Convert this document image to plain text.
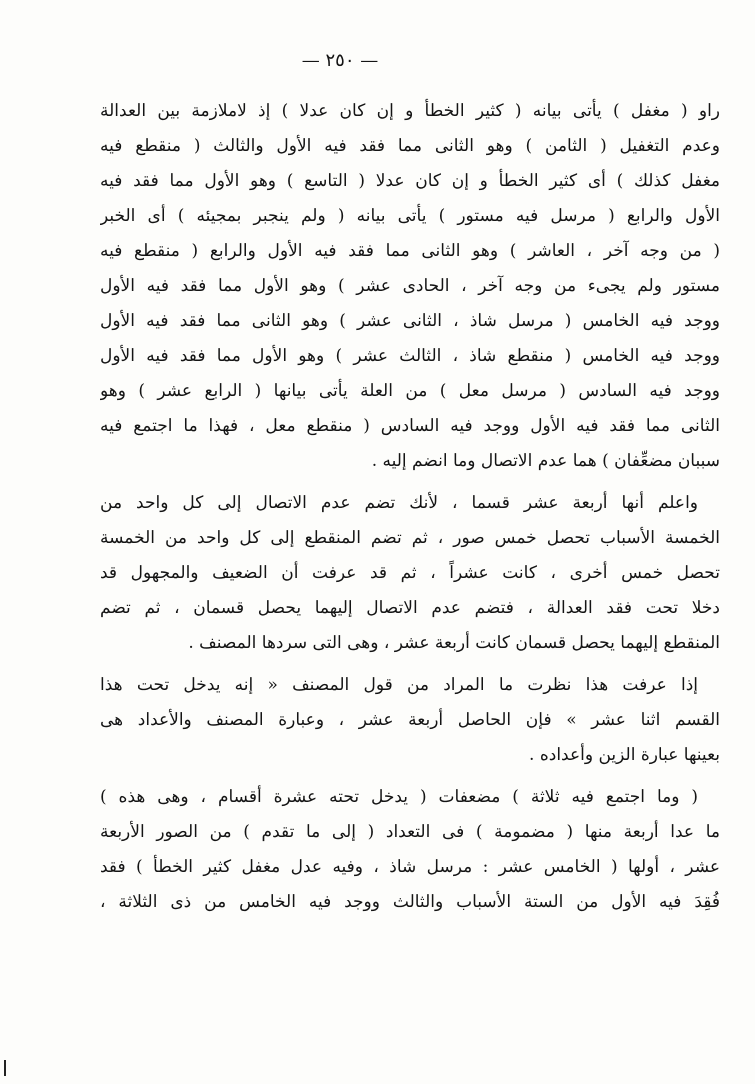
— ٢٥٠ —
راو ( مغفل ) يأتى بيانه ( كثير الخطأ و إن كان عدلا ) إذ لاملازمة بين العدالة
وعدم التغفيل ( الثامن ) وهو الثانى مما فقد فيه الأول والثالث ( منقطع فيه
مغفل كذلك ) أى كثير الخطأ و إن كان عدلا ( التاسع ) وهو الأول مما فقد فيه
الأول والرابع ( مرسل فيه مستور ) يأتى بيانه ( ولم ينجبر بمجيئه ) أى الخبر
( من وجه آخر ، العاشر ) وهو الثانى مما فقد فيه الأول والرابع ( منقطع فيه
مستور ولم يجىء من وجه آخر ، الحادى عشر ) وهو الأول مما فقد فيه الأول
ووجد فيه الخامس ( مرسل شاذ ، الثانى عشر ) وهو الثانى مما فقد فيه الأول
ووجد فيه الخامس ( منقطع شاذ ، الثالث عشر ) وهو الأول مما فقد فيه الأول
ووجد فيه السادس ( مرسل معل ) من العلة يأتى بيانها ( الرابع عشر ) وهو
الثانى مما فقد فيه الأول ووجد فيه السادس ( منقطع معل ، فهذا ما اجتمع فيه
سببان مضعِّفان ) هما عدم الاتصال وما انضم إليه .
واعلم أنها أربعة عشر قسما ، لأنك تضم عدم الاتصال إلى كل واحد من
الخمسة الأسباب تحصل خمس صور ، ثم تضم المنقطع إلى كل واحد من الخمسة
تحصل خمس أخرى ، كانت عشراً ، ثم قد عرفت أن الضعيف والمجهول قد
دخلا تحت فقد العدالة ، فتضم عدم الاتصال إليهما يحصل قسمان ، ثم تضم
المنقطع إليهما يحصل قسمان كانت أربعة عشر ، وهى التى سردها المصنف .
إذا عرفت هذا نظرت ما المراد من قول المصنف « إنه يدخل تحت هذا
القسم اثنا عشر » فإن الحاصل أربعة عشر ، وعبارة المصنف والأعداد هى
بعينها عبارة الزين وأعداده .
( وما اجتمع فيه ثلاثة ) مضعفات ( يدخل تحته عشرة أقسام ، وهى هذه )
ما عدا أربعة منها ( مضمومة ) فى التعداد ( إلى ما تقدم ) من الصور الأربعة
عشر ، أولها ( الخامس عشر : مرسل شاذ ، وفيه عدل مغفل كثير الخطأ ) فقد
فُقِدَ فيه الأول من الستة الأسباب والثالث ووجد فيه الخامس من ذى الثلاثة ،
